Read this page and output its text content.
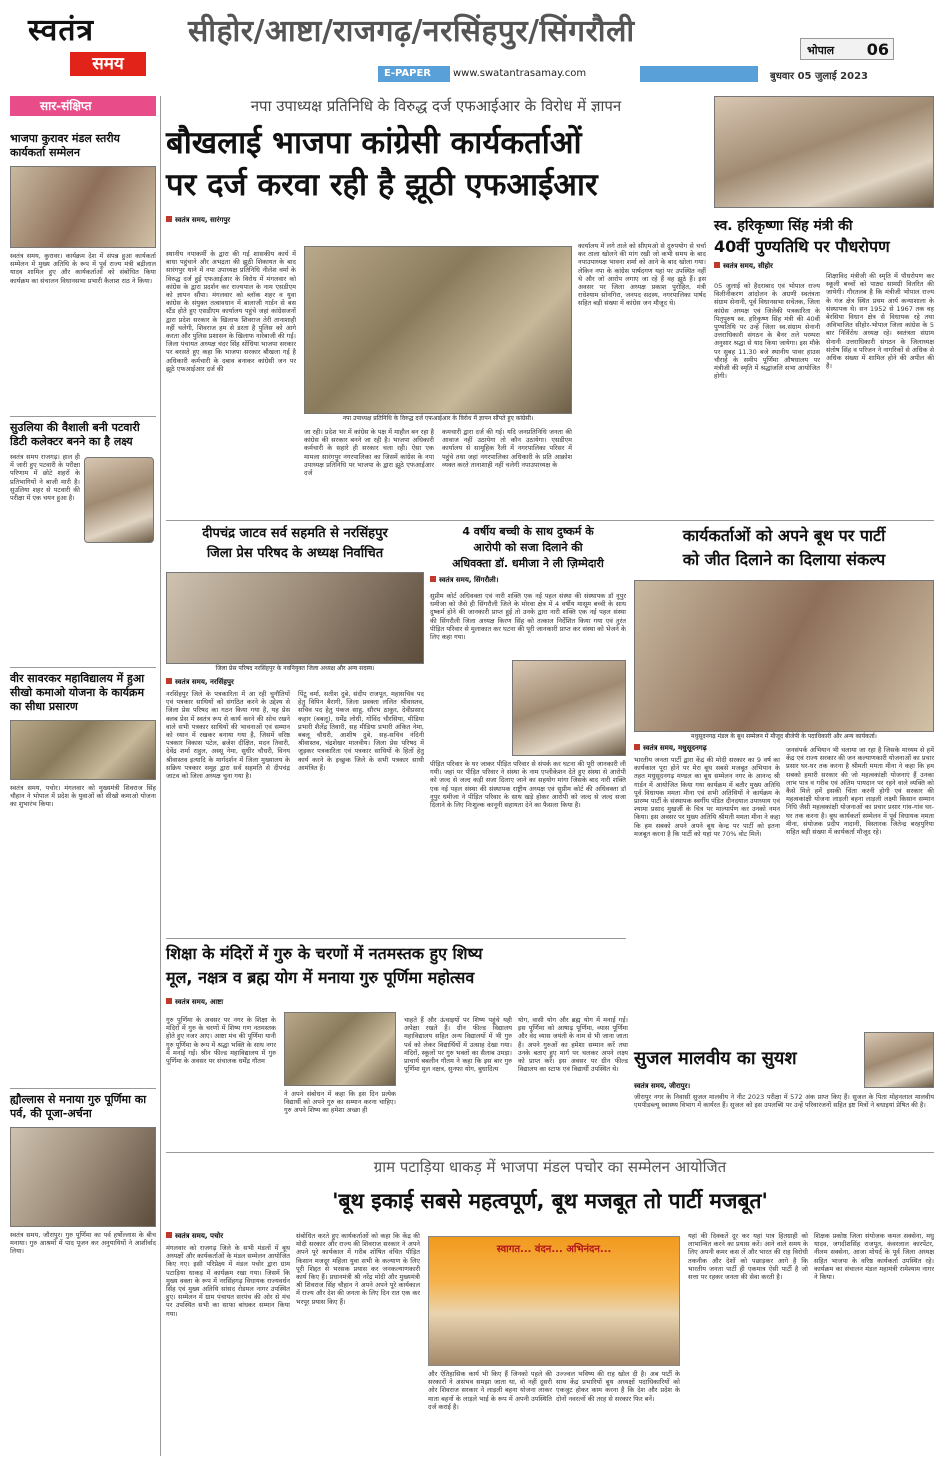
स्वतंत्र
समय
सीहोर/आष्टा/राजगढ़/नरसिंहपुर/सिंगरौली
E-PAPER	www.swatantrasamay.com
भोपाल 06
बुधवार 05 जुलाई 2023
सार-संक्षिप्त
भाजपा कुरावर मंडल स्तरीय कार्यकर्ता सम्मेलन
स्वतंत्र समय, कुरावर। कार्यक्रम देश में संपन्न हुआ कार्यकर्ता सम्मेलन में मुख्य अतिथि के रूप में पूर्व राज्य मंत्री बद्रीलाल यादव शामिल हुए और कार्यकर्ताओं को संबोधित किया कार्यक्रम का संचालन विधानसभा प्रभारी कैलाश राठ ने किया।
सुउलिया की वैशाली बनी पटवारी डिटी कलेक्टर बनने का है लक्ष्य
स्वतंत्र समय राजगढ़। हाल ही में जारी हुए पटवारी के परीक्षा परिणाम में छोटे शहरों के प्रतिभागियों ने बाजी मारी है। सुउलिया शहर से पटवारी की परीक्षा में एक चयन हुआ है।
वीर सावरकर महाविद्यालय में हुआ सीखो कमाओ योजना के कार्यक्रम का सीधा प्रसारण
स्वतंत्र समय, पचोर। मंगलवार को मुख्यमंत्री शिवराज सिंह चौहान ने भोपाल में प्रदेश के युवाओं को सीखो कमाओ योजना का शुभारंभ किया।
ह्यौल्लास से मनाया गुरु पूर्णिमा का पर्व, की पूजा-अर्चना
स्वतंत्र समय, जौरापुर। गुरु पूर्णिमा का पर्व हर्षोल्लास के बीच मनाया। गुरु आश्रमों में पाद पूजन कर अनुयायियों ने आशीर्वाद लिया।
नपा उपाध्यक्ष प्रतिनिधि के विरुद्ध दर्ज एफआईआर के विरोध में ज्ञापन
बौखलाई भाजपा कांग्रेसी कार्यकर्ताओं
पर दर्ज करवा रही है झूठी एफआईआर
स्वतंत्र समय, सारंगपुर
स्थानीय नपाकर्मी के द्वारा की गई शासकीय कार्य में बाधा पहुंचाने और अभद्रता की झूठी शिकायत के बाद सारंगपुर थाने में नपा उपाध्यक्ष प्रतिनिधि नीलेश वर्मा के विरुद्ध दर्ज हुई एफआईआर के विरोध में मंगलवार को कांग्रेस के द्वारा प्रदर्शन कर राज्यपाल के नाम एसडीएम को ज्ञापन सौंपा। मंगलवार को ब्लॉक शहर व युवा कांग्रेस के संयुक्त तत्वावधान में बालाजी गार्डन से बस स्टैंड होते हुए एसडीएम कार्यालय पहुंचे जहां कांग्रेसजनों द्वारा प्रदेश सरकार के खिलाफ शिवराज तेरी तानाशाही नहीं चलेगी, शिवराज हम से डरता है पुलिस को आगे करता और पुलिस प्रशासन के खिलाफ नारेबाजी की गई। जिला पंचायत अध्यक्ष चंदर सिंह सोंधिया भाजपा सरकार पर बरसते हुए कहा कि भाजपा सरकार बौखला गई है अधिकारी कर्मचारी के दबाव बनाकर कांग्रेसी जन पर झूठे एफआईआर दर्ज की
नपा उपाध्यक्ष प्रतिनिधि के विरुद्ध दर्ज एफआईआर के विरोध में ज्ञापन सौंपते हुए कांग्रेसी।
जा रही। प्रदेश भर में कांग्रेस के पक्ष में माहौल बन रहा है कांग्रेस की सरकार बनने जा रही है। भाजपा अधिकारी कर्मचारी के सहारे ही सरकार चला रही। ऐसा एक मामला सारंगपुर नगरपालिका का जिसमें कांग्रेस के नपा उपाध्यक्ष प्रतिनिधि पर भाजपा के द्वारा झूठे एफआईआर दर्ज
कमचारी द्वारा दर्ज की गई। यदि जनप्रतिनिधि जनता की आवाज नहीं उठायेगा तो कौन उठायेगा। एसडीएम कार्यालय से सामूहिक रैली में नगरपालिका परिसर में पहुंचे तथा जहां नगरपालिका अधिकारी के प्रति आक्रोश व्यक्त करते तानाशाही नहीं चलेगी नपाउपाध्यक्ष के
कार्यालय में लगे ताले को सीएमओ से दुरुपयोग से चर्चा कर ताला खोलने की मांग रखी जो कभी समय के बाद नपाउपाध्यक्ष भावना शर्मा को आने के बाद खोला गया। लेकिन नपा के कांग्रेस पार्षदगण यहां पर उपस्थित नहीं थे और जो आरोप लगाए जा रहे हैं वह झूठे हैं। इस अवसर पर जिला अध्यक्ष प्रकाश पुरोहित, मंत्री राधेश्याम सोनगिरा, जनपद सदस्य, नगरपालिका पार्षद सहित बड़ी संख्या में कांग्रेस जन मौजूद थे।
स्व. हरिकृष्णा सिंह मंत्री की
40वीं पुण्यतिथि पर पौधरोपण
स्वतंत्र समय, सीहोर
05 जुलाई को हैदराबाद एवं भोपाल राज्य विलीनीकरण आंदोलन के अग्रणी स्वतंत्रता संग्राम सेनानी, पूर्व विधानसभा सचेतक, जिला कांग्रेस अध्यक्ष एवं जिलेकी पत्रकारिता के पितृपुरुष स्व. हरिकृष्ण सिंह मंत्री की 40वीं पुण्यतिथि पर उन्हें जिला स्व.संग्राम सेनानी उत्तराधिकारी संगठन के बैनर तले परम्परा अनुसार श्रद्धा से याद किया जायेगा। इस मौके पर सुबह 11.30 बजे स्थानीय पावर हाउस चौराहे के समीप पूर्णिमा औषधालय पर मंत्रीजी की स्मृति में श्रद्धांजलि सभा आयोजित होगी।
शिक्षाविद मंत्रीजी की स्मृति में पौधरोपण कर स्कूली बच्चों को पाठ्य सामग्री वितरित की जायेगी। गौरतलब है कि मंत्रीजी भोपाल राज्य के गंज क्षेत्र स्थित प्रथम आर्य कन्याशाला के संस्थापक थे। सन 1952 से 1967 तक वह बेरसिया विधान क्षेत्र से विधायक रहे तथा अविभाजित सीहोर-भोपाल जिला कांग्रेस के 5 बार निर्विरोध अध्यक्ष रहे। स्वतंत्रता संग्राम सेनानी उत्तराधिकारी संगठन के जिलाध्यक्ष संतोष सिंह व परिजन ने नागरिकों से अधिक से अधिक संख्या में शामिल होने की अपील की है।
दीपचंद्र जाटव सर्व सहमति से नरसिंहपुर
जिला प्रेस परिषद के अध्यक्ष निर्वाचित
जिला प्रेस परिषद नरसिंहपुर के नवनियुक्त जिला अध्यक्ष और अन्य सदस्य।
स्वतंत्र समय, नरसिंहपुर
नरसिंहपुर जिले के पत्रकारिता में आ रही चुनौतियों एवं पत्रकार साथियों को संगठित करने के उद्देश्य से जिला प्रेस परिषद का गठन किया गया है, यह प्रेस क्लब प्रेस में स्वतंत्र रूप से कार्य करने की सोच रखने वाले सभी पत्रकार साथियों की भावनाओं एवं सम्मान को ध्यान में रखकर बनाया गया है, जिसमें वरिष्ठ पत्रकार विकास पटेल, ब्रजेश दीक्षित, मदन तिवारी, देवेंद्र शर्मा राहुल, अस्सू नेमा, सुधीर चौधरी, विनय श्रीवास्तव इत्यादि के मार्गदर्शन में जिला मुख्यालय के सक्रिय पत्रकार समूह द्वारा सर्व सहमति से दीपचंद्र जाटव को जिला अध्यक्ष चुना गया है।
पिंटू वर्मा, सतीश दुबे, संदीप राजपूत, महासचिव पद हेतु विपिन बैरागी, जिला प्रवक्ता ललित श्रीवास्तव, सचिव पद हेतु पंकज साहू, सौरभ ठाकुर, देवीप्रसाद कहार (बबलू), धर्मेंद्र लोधी, गोविंद चौरसिया, मीडिया प्रभारी शैलेंद्र तिवारी, सह मीडिया प्रभारी अंकित नेमा, बबलू चौधरी, आशीष दुबे, सह-सचिव नंदिनी श्रीवास्तव, चंद्रशेखर मालवीय। जिला प्रेस परिषद में जुड़कर पत्रकारिता एवं पत्रकार साथियों के हितों हेतु कार्य करने के इच्छुक जिले के सभी पत्रकार साथी आमंत्रित हैं।
4 वर्षीय बच्ची के साथ दुष्कर्म के
आरोपी को सजा दिलाने की
अधिवक्ता डॉ. धमीजा ने ली ज़िम्मेदारी
स्वतंत्र समय, सिंगरौली।
सुप्रीम कोर्ट अधिवक्ता एवं नारी शक्ति एक नई पहल संस्था की संस्थापक डॉ नूपुर धमीजा को जैसे ही सिंगरौली जिले के मोरवा क्षेत्र में 4 वर्षीय मासूम बच्ची के साथ दुष्कर्म होने की जानकारी प्राप्त हुई तो उनके द्वारा नारी शक्ति एक नई पहल संस्था की सिंगरौली जिला अध्यक्ष किरण सिंह को तत्काल निर्देशित किया गया एवं तुरंत पीड़ित परिवार से मुलाकात कर घटना की पूरी जानकारी प्राप्त कर संस्था को भेजने के लिए कहा गया।
पीड़ित परिवार के घर जाकर पीड़ित परिवार से संपर्क कर घटना की पूरी जानकारी ली गयी। जहां पर पीड़ित परिवार ने संस्था के नाम एप्लीकेशन देते हुए संस्था से आरोपी को जल्द से जल्द कड़ी सजा दिलाए जाने का सहयोग मांगा जिसके बाद नारी शक्ति एक नई पहल संस्था की संस्थापक राष्ट्रीय अध्यक्ष एवं सुप्रीम कोर्ट की अधिवक्ता डॉ नूपुर धमीजा ने पीड़ित परिवार के साथ खड़े होकर आरोपी को जल्द से जल्द सजा दिलाने के लिए निःशुल्क कानूनी सहायता देने का फैसला किया है।
कार्यकर्ताओं को अपने बूथ पर पार्टी
को जीत दिलाने का दिलाया संकल्प
मधुसूदनगढ़ मंडल के बूथ सम्मेलन में मौजूद बीजेपी के पदाधिकारी और अन्य कार्यकर्ता।
स्वतंत्र समय, मधुसूदनगढ़
भारतीय जनता पार्टी द्वारा केंद्र की मोदी सरकार का 9 वर्ष का कार्यकाल पूरा होने पर मेरा बूथ सबसे मजबूत अभियान के तहत मधुसूदनगढ़ मण्डल का बूथ सम्मेलन नगर के आनन्द श्री गार्डन में आयोजित किया गया कार्यक्रम में बतौर मुख्य अतिथि पूर्व विधायक ममता मीना एवं सभी अतिथियों ने कार्यक्रम के प्रारम्भ पार्टी के संस्थापक स्वर्गीय पंडित दीनदयाल उपाध्याय एवं श्यामा प्रसाद मुखर्जी के चित्र पर माल्यार्पण कर उनको नमन किया। इस अवसर पर मुख्य अतिथि श्रीमती ममता मीना ने कहा कि हम सबको अपने अपने बूथ केन्द्र पर पार्टी को इतना मजबूत करना है कि पार्टी को यहां पर 70% वोट मिलें।
जनसंपर्क अभियान भी चलाया जा रहा है जिसके माध्यम से हमें केंद्र एवं राज्य सरकार की जन कल्याणकारी योजनाओं का प्रचार प्रसार घर-घर तक करना है श्रीमती ममता मीना ने कहा कि हम सबको हमारी सरकार की जो महत्वकांक्षी योजनाएं हैं उनका लाभ पात्र व गरीब एवं अंतिम पायदान पर रहने वाले व्यक्ति को कैसे मिले हमें इसकी चिंता करनी होगी एवं सरकार की महत्वकांक्षी योजना लाड़ली बहना लाड़ली लक्ष्मी किसान सम्मान निधि जैसी महत्वकांक्षी योजनाओं का प्रचार प्रसार गांव-गांव घर-घर तक करना है। बूथ कार्यकर्ता सम्मेलन में पूर्व विधायक ममता मीना, संयोजक प्रदीप नादानी, विस्तारक जितेन्द्र बरहपुरिया सहित बड़ी संख्या में कार्यकर्ता मौजूद रहे।
शिक्षा के मंदिरों में गुरु के चरणों में नतमस्तक हुए शिष्य
मूल, नक्षत्र व ब्रह्म योग में मनाया गुरु पूर्णिमा महोत्सव
स्वतंत्र समय, आष्टा
गुरु पूर्णिमा के अवसर पर नगर के शिक्षा के मंदिरों में गुरु के चरणों में शिष्य गण नतमस्तक होते हुए नजर आए। आष्टा मंच की पूर्णिमा यानी गुरु पूर्णिमा के रूप में श्रद्धा भक्ति के साथ नगर में मनाई गई। श्रीन फील्ड महाविद्यालय में गुरु पूर्णिमा के अवसर पर संचालक धर्मेंद्र गौतम
ने अपने संबोधन में कहा कि इस दिन प्रत्येक विद्यार्थी को अपने गुरु का सम्मान करना चाहिए। गुरु अपने शिष्य का हमेशा अच्छा ही
चाहते हैं और ऊंचाइयों पर शिष्य पहुंचे यही अपेक्षा रखते हैं। ग्रीन फील्ड विद्यालय महाविद्यालय सहित अन्य विद्यालयों में भी गुरु पर्व को लेकर विद्यार्थियों में उत्साह देखा गया। मंदिरों, स्कूलों पर गुरु भक्तों का सैलाब उमड़ा। प्राचार्य बबलीन गौतम ने कहा कि इस बार गुरु पूर्णिमा मूल नक्षत्र, सुनफा योग, बुधादित्य
योग, वासी योग और ब्रह्म योग में मनाई गई। इस पूर्णिमा को आषाढ़ पूर्णिमा, व्यास पूर्णिमा और वेद व्यास जयंती के नाम से भी जाना जाता है। अपने गुरुओं का हमेशा सम्मान करें तथा उनके बताए हुए मार्ग पर चलकर अपने लक्ष्य को प्राप्त करें। इस अवसर पर ग्रीन फील्ड विद्यालय का स्टाफ एवं विद्यार्थी उपस्थित थे।
सुजल मालवीय का सुयश
स्वतंत्र समय, जीरापुर।
जीरापुर नगर के निवासी सुजल मालवीय ने नीट 2023 परीक्षा में 572 अंक प्राप्त किए हैं। सुजल के पिता मोहनलाल मालवीय एमपीडब्ल्यू स्वास्थ्य विभाग में कार्यरत हैं। सुजल को इस उपलब्धि पर उन्हें परिवारजनों सहित इष्ट मित्रों ने बधाइयां प्रेषित की है।
ग्राम पटाड़िया धाकड़ में भाजपा मंडल पचोर का सम्मेलन आयोजित
'बूथ इकाई सबसे महत्वपूर्ण, बूथ मजबूत तो पार्टी मजबूत'
स्वतंत्र समय, पचोर
मंगलवार को राजगढ़ जिले के सभी मंडलों में बूथ अध्यक्षों और कार्यकर्ताओं के मंडल सम्मेलन आयोजित किए गए। इसी परिप्रेक्ष्य में मंडल पचोर द्वारा ग्राम पटाड़िया धाकड़ में कार्यक्रम रखा गया। जिसमें कि मुख्य वक्ता के रूप में नरसिंहगढ़ विधायक राज्यवर्धन सिंह एवं मुख्य अतिथि सांसद रोडमल नागर उपस्थित हुए। सम्मेलन में ग्राम पंचायत सरपंच की ओर से मंच पर उपस्थित सभी का साफा बांधकर सम्मान किया गया।
संबोधित करते हुए कार्यकर्ताओं को कहा कि केंद्र की मोदी सरकार और राज्य की शिवराज सरकार ने अपने अपने पूरे कार्यकाल में गरीब शोषित वंचित पीड़ित किसान मजदूर महिला युवा सभी के कल्याण के लिए पूरी शिद्दत से भरसक प्रयास कर जनकल्याणकारी कार्य किए हैं। प्रधानमंत्री श्री नरेंद्र मोदी और मुख्यमंत्री श्री शिवराज सिंह चौहान ने अपने अपने पूरे कार्यकाल में राज्य और देश की जनता के लिए दिन रात एक कर भरपूर प्रयास किए हैं।
स्वागत... वंदन... अभिनंदन...
और ऐतिहासिक कार्य भी किए हैं जिनको पहले की सरकारों ने असंभव समझा जाता था, वो नहीं दूसरी ओर शिवराज सरकार ने लाड़ली बहना योजना लाकर माता बहनों के लाड़ले भाई के रूप में अपनी उपस्थिति दर्ज कराई है।
उज्ज्वल भविष्य की राह खोल दी है। अब पार्टी के साथ केंद्र प्रभारियों बूथ अध्यक्षों पदाधिकारियों को एकजुट होकर काम करना है कि देश और प्रदेश के दोनों नवरत्नों की तरह से सरकार फिर बनें।
यहां की दिक्कतें दूर कर यहां पात्र हितग्राही को लाभान्वित करने का प्रयास करें। आने वाले समय के लिए अपनी कमर कस लें और भारत की राह विरोधी तकनीक और देशों को पछाड़कर आगे है कि भारतीय जनता पार्टी ही एकमात्र ऐसी पार्टी है जो सत्ता पर रहकर जनता की सेवा करती है।
शिक्षक प्रकोष्ठ जिला संयोजक कमल सक्सेना, मधु यादव, जगदीशसिंह राजपूत, कंवरलाल कारपेंटर, नीलम सक्सेना, आजा मोयर्द के पूर्व जिला अध्यक्ष सहित भाजपा के वरिष्ठ कार्यकर्ता उपस्थित रहे। कार्यक्रम का संचालन मंडल महामंत्री रामेश्याम नागर ने किया।
